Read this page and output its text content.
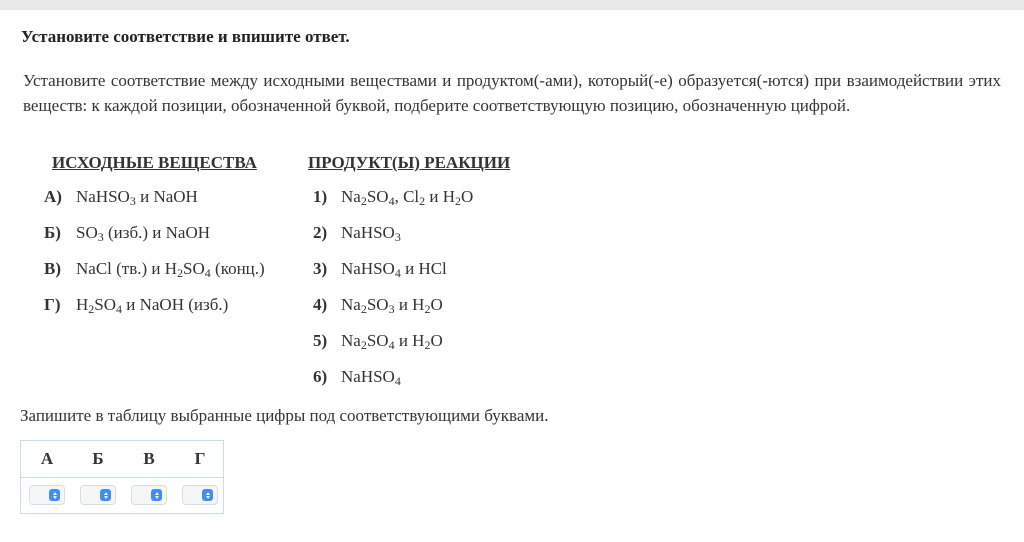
Установите соответствие и впишите ответ.
Установите соответствие между исходными веществами и продуктом(-ами), который(-е) образуется(-ются) при взаимодействии этих веществ: к каждой позиции, обозначенной буквой, подберите соответствующую позицию, обозначенную цифрой.
ИСХОДНЫЕ ВЕЩЕСТВА	ПРОДУКТ(Ы) РЕАКЦИИ
А) NaHSO$_3$ и NaOH
Б) $SO_3$ (изб.) и NaOH
В) NaCl (тв.) и $H_2SO_4$ (конц.)
Г) $H_2SO_4$ и NaOH (изб.)
1) $Na_2SO_4$, $Cl_2$ и $H_2O$
2) NaHSO$_3$
3) NaHSO$_4$ и HCl
4) $Na_2SO_3$ и $H_2O$
5) $Na_2SO_4$ и $H_2O$
6) NaHSO$_4$
Запишите в таблицу выбранные цифры под соответствующими буквами.
А	Б	В	Г
